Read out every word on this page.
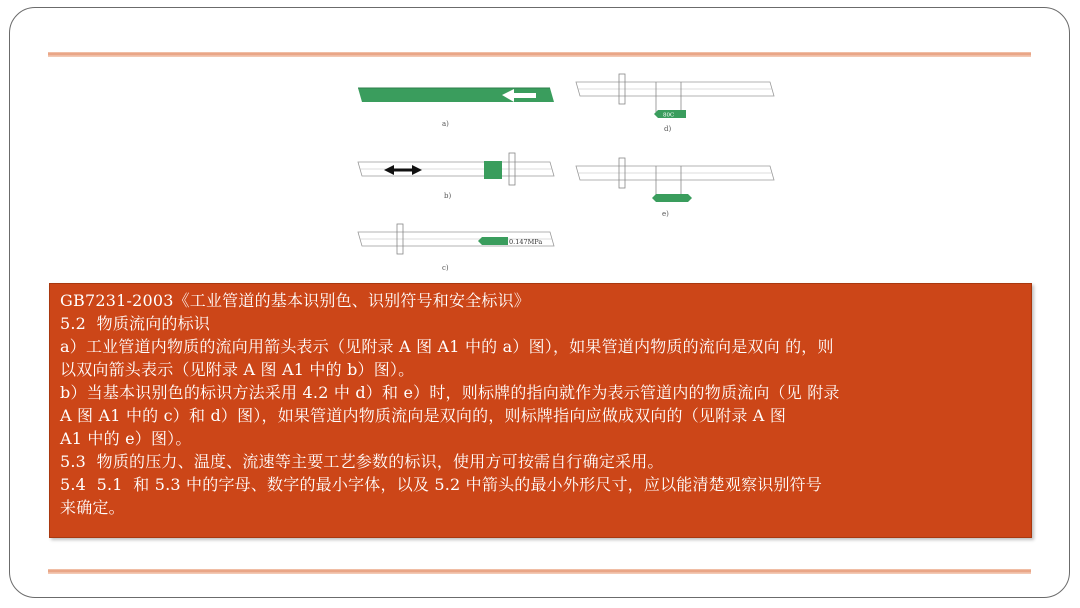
a)
80C
d)
b)
e)
0.147MPa
c)
GB7231-2003《工业管道的基本识别色、识别符号和安全标识》
5.2  物质流向的标识
a）工业管道内物质的流向用箭头表示（见附录 A 图 A1 中的 a）图），如果管道内物质的流向是双向 的，则
以双向箭头表示（见附录 A 图 A1 中的 b）图）。
b）当基本识别色的标识方法采用 4.2 中 d）和 e）时，则标牌的指向就作为表示管道内的物质流向（见 附录
A 图 A1 中的 c）和 d）图），如果管道内物质流向是双向的，则标牌指向应做成双向的（见附录 A 图
A1 中的 e）图）。
5.3  物质的压力、温度、流速等主要工艺参数的标识，使用方可按需自行确定采用。
5.4  5.1  和 5.3 中的字母、数字的最小字体，以及 5.2 中箭头的最小外形尺寸，应以能清楚观察识别符号
来确定。
